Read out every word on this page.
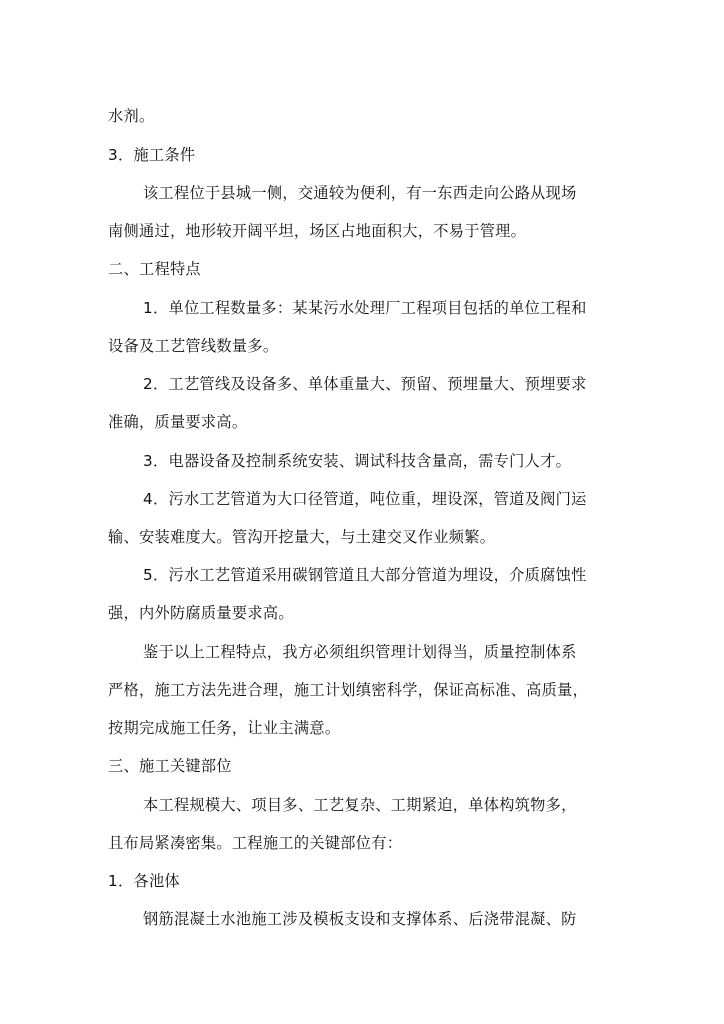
水剂。
3．施工条件
该工程位于县城一侧，交通较为便利，有一东西走向公路从现场
南侧通过，地形较开阔平坦，场区占地面积大，不易于管理。
二、工程特点
1．单位工程数量多：某某污水处理厂工程项目包括的单位工程和
设备及工艺管线数量多。
2．工艺管线及设备多、单体重量大、预留、预埋量大、预埋要求
准确，质量要求高。
3．电器设备及控制系统安装、调试科技含量高，需专门人才。
4．污水工艺管道为大口径管道，吨位重，埋设深，管道及阀门运
输、安装难度大。管沟开挖量大，与土建交叉作业频繁。
5．污水工艺管道采用碳钢管道且大部分管道为埋设，介质腐蚀性
强，内外防腐质量要求高。
鉴于以上工程特点，我方必须组织管理计划得当，质量控制体系
严格，施工方法先进合理，施工计划缜密科学，保证高标准、高质量，
按期完成施工任务，让业主满意。
三、施工关键部位
本工程规模大、项目多、工艺复杂、工期紧迫，单体构筑物多，
且布局紧凑密集。工程施工的关键部位有：
1．各池体
钢筋混凝土水池施工涉及模板支设和支撑体系、后浇带混凝、防
